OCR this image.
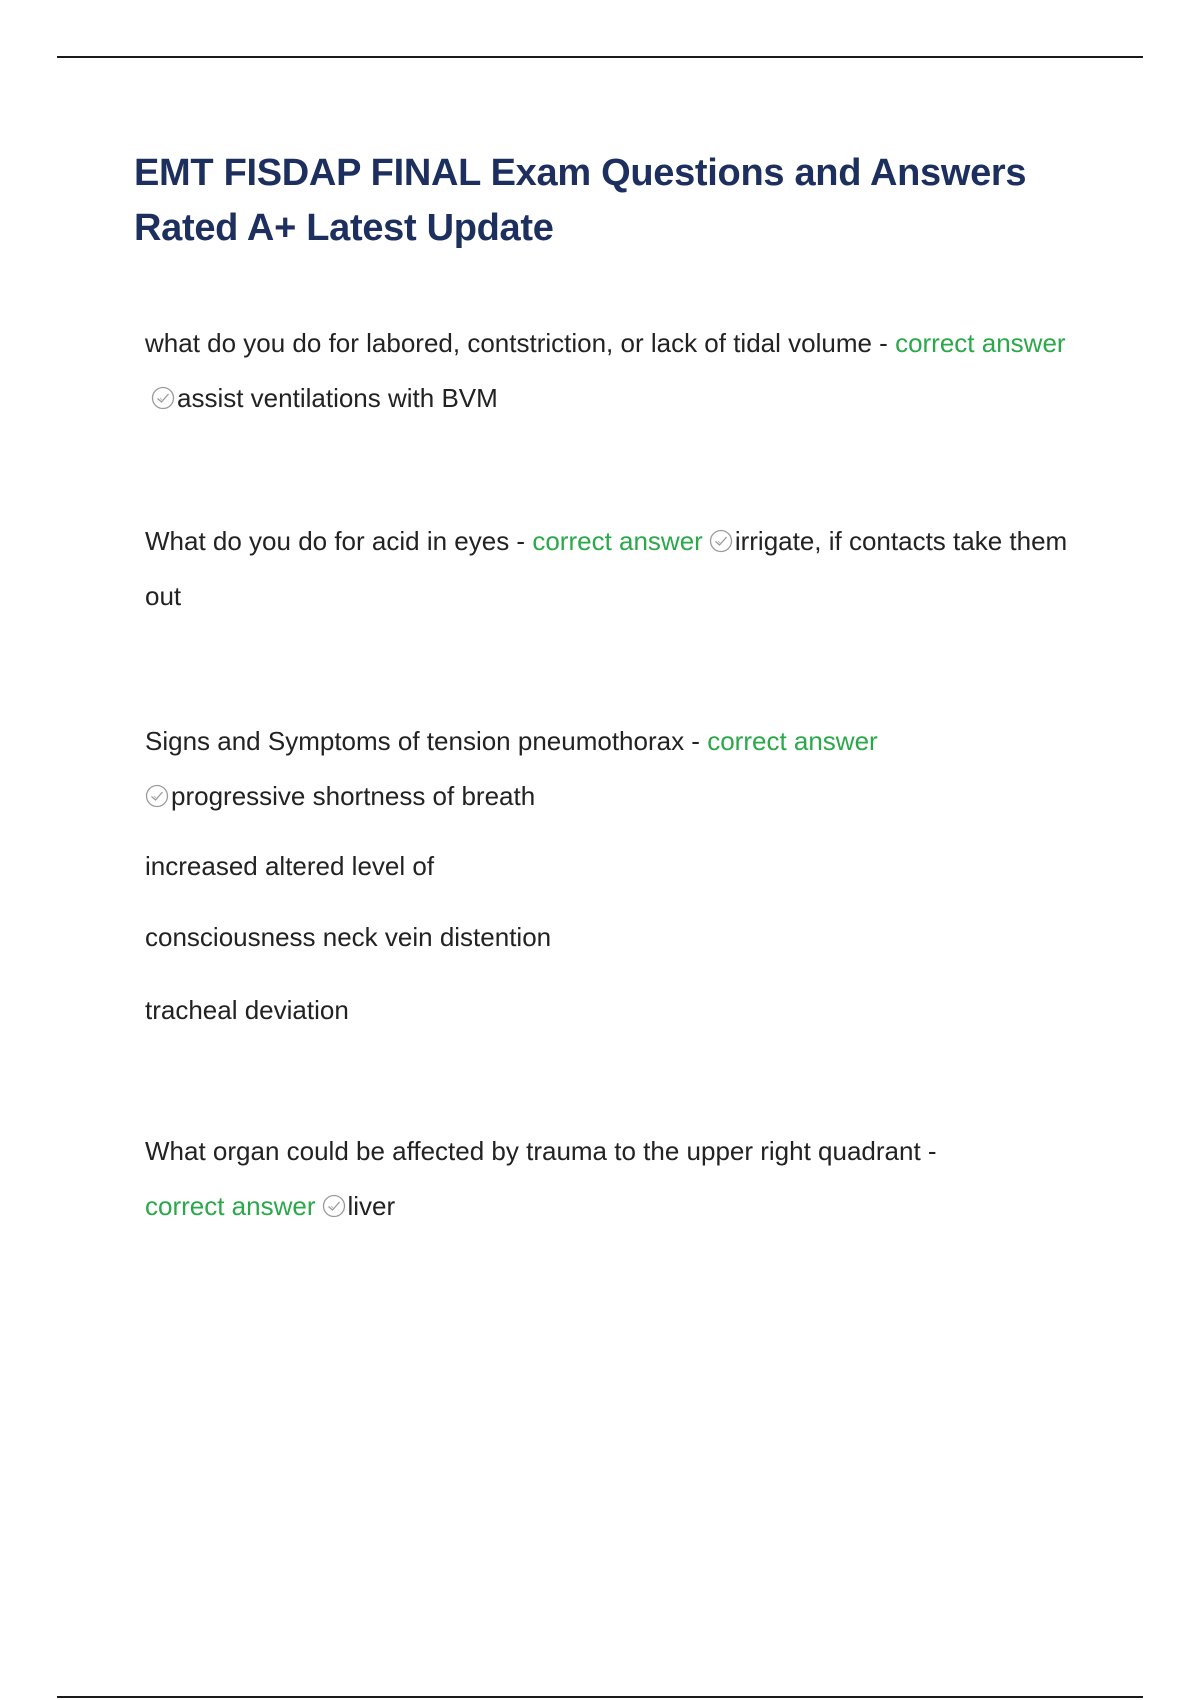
EMT FISDAP FINAL Exam Questions and Answers Rated A+ Latest Update

what do you do for labored, contstriction, or lack of tidal volume - correct answer
assist ventilations with BVM

What do you do for acid in eyes - correct answer irrigate, if contacts take them out

Signs and Symptoms of tension pneumothorax - correct answer

progressive shortness of breath

increased altered level of

consciousness neck vein distention

tracheal deviation

What organ could be affected by trauma to the upper right quadrant -
correct answer liver
